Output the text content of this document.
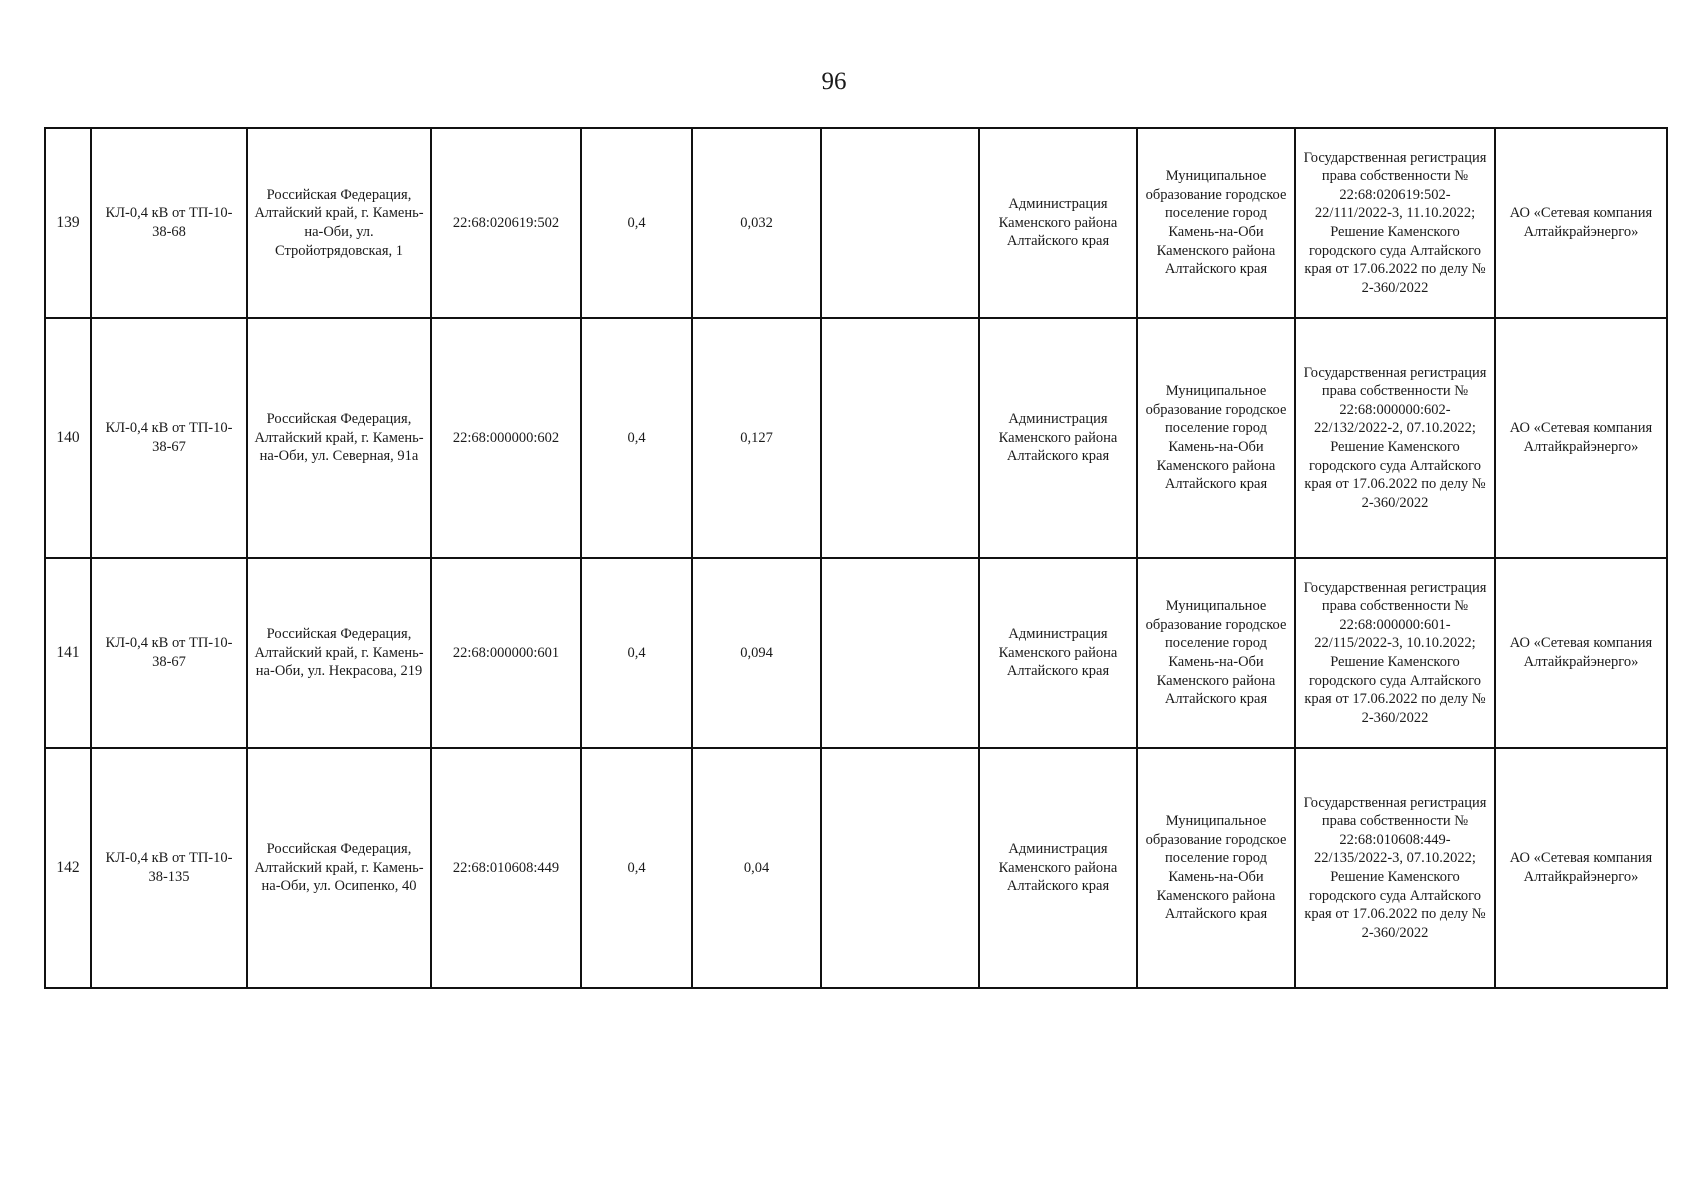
96
139	КЛ-0,4 кВ от ТП-10-38-68	Российская Федерация, Алтайский край, г. Камень-на-Оби, ул. Стройотрядовская, 1	22:68:020619:502	0,4	0,032		Администрация Каменского района Алтайского края	Муниципальное образование городское поселение город Камень-на-Оби Каменского района Алтайского края	Государственная регистрация права собственности № 22:68:020619:502-22/111/2022-3, 11.10.2022; Решение Каменского городского суда Алтайского края от 17.06.2022 по делу № 2-360/2022	АО «Сетевая компания Алтайкрайэнерго»
140	КЛ-0,4 кВ от ТП-10-38-67	Российская Федерация, Алтайский край, г. Камень-на-Оби, ул. Северная, 91а	22:68:000000:602	0,4	0,127		Администрация Каменского района Алтайского края	Муниципальное образование городское поселение город Камень-на-Оби Каменского района Алтайского края	Государственная регистрация права собственности № 22:68:000000:602-22/132/2022-2, 07.10.2022; Решение Каменского городского суда Алтайского края от 17.06.2022 по делу № 2-360/2022	АО «Сетевая компания Алтайкрайэнерго»
141	КЛ-0,4 кВ от ТП-10-38-67	Российская Федерация, Алтайский край, г. Камень-на-Оби, ул. Некрасова, 219	22:68:000000:601	0,4	0,094		Администрация Каменского района Алтайского края	Муниципальное образование городское поселение город Камень-на-Оби Каменского района Алтайского края	Государственная регистрация права собственности № 22:68:000000:601-22/115/2022-3, 10.10.2022; Решение Каменского городского суда Алтайского края от 17.06.2022 по делу № 2-360/2022	АО «Сетевая компания Алтайкрайэнерго»
142	КЛ-0,4 кВ от ТП-10-38-135	Российская Федерация, Алтайский край, г. Камень-на-Оби, ул. Осипенко, 40	22:68:010608:449	0,4	0,04		Администрация Каменского района Алтайского края	Муниципальное образование городское поселение город Камень-на-Оби Каменского района Алтайского края	Государственная регистрация права собственности № 22:68:010608:449-22/135/2022-3, 07.10.2022; Решение Каменского городского суда Алтайского края от 17.06.2022 по делу № 2-360/2022	АО «Сетевая компания Алтайкрайэнерго»
